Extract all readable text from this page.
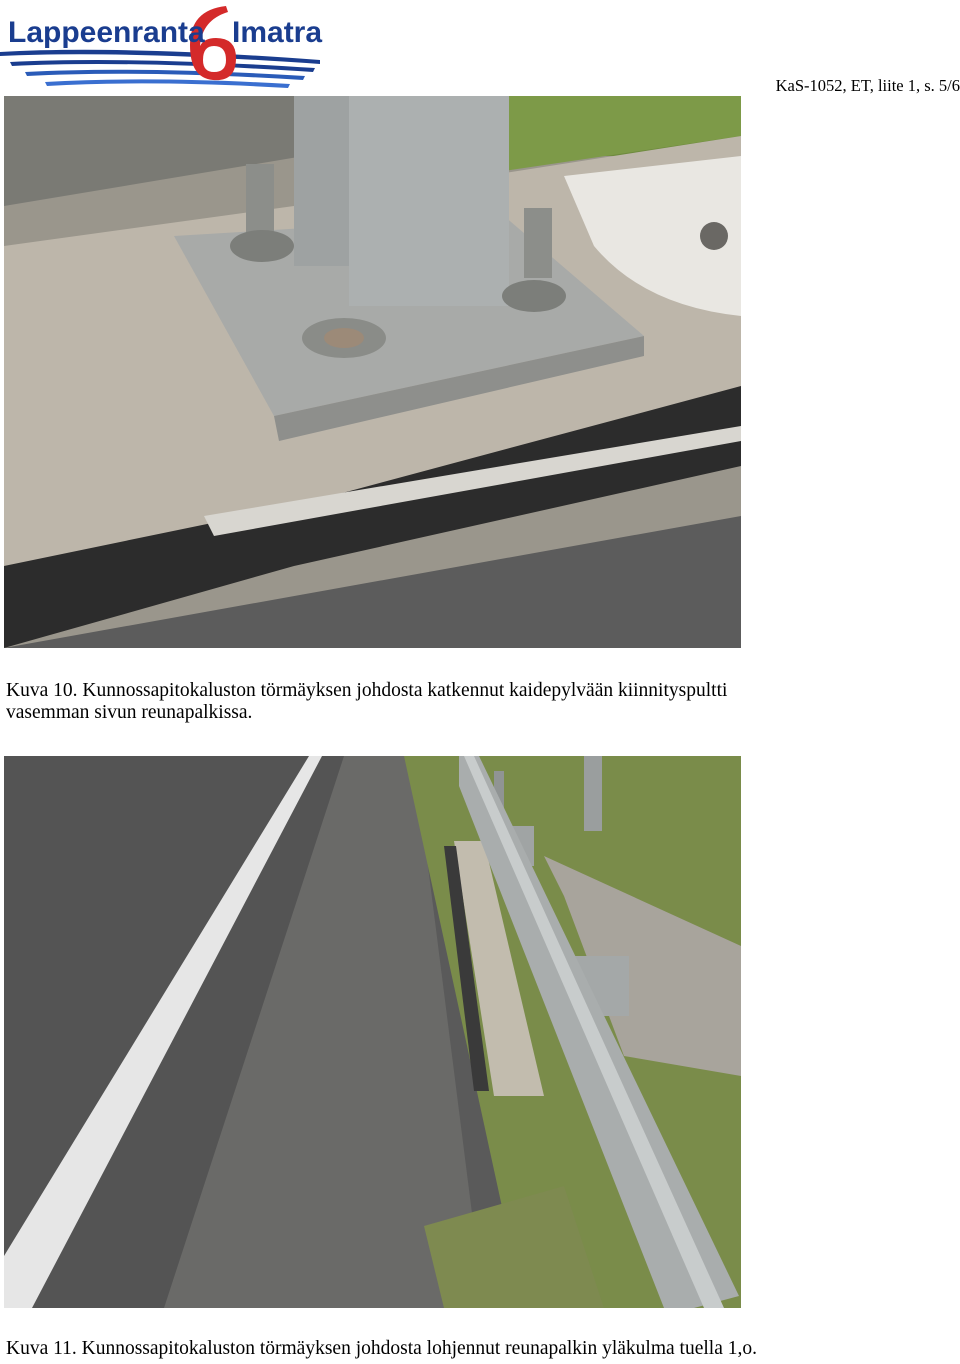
Lappeenranta Imatra
KaS-1052, ET, liite 1, s. 5/6

Kuva 10. Kunnossapitokaluston törmäyksen johdosta katkennut kaidepylvään kiinnityspultti
vasemman sivun reunapalkissa.

Kuva 11. Kunnossapitokaluston törmäyksen johdosta lohjennut reunapalkin yläkulma tuella 1,o.
